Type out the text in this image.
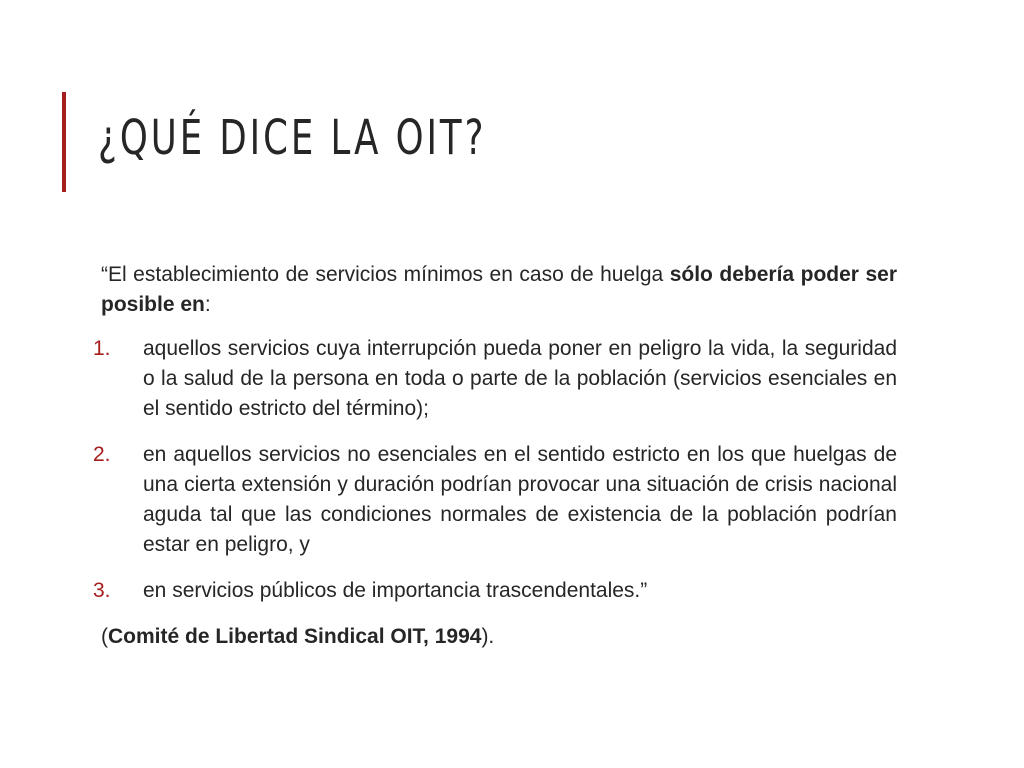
¿QUÉ DICE LA OIT?

“El establecimiento de servicios mínimos en caso de huelga sólo debería poder ser posible en:

1. aquellos servicios cuya interrupción pueda poner en peligro la vida, la seguridad o la salud de la persona en toda o parte de la población (servicios esenciales en el sentido estricto del término);
2. en aquellos servicios no esenciales en el sentido estricto en los que huelgas de una cierta extensión y duración podrían provocar una situación de crisis nacional aguda tal que las condiciones normales de existencia de la población podrían estar en peligro, y
3. en servicios públicos de importancia trascendentales.”

(Comité de Libertad Sindical OIT, 1994).
